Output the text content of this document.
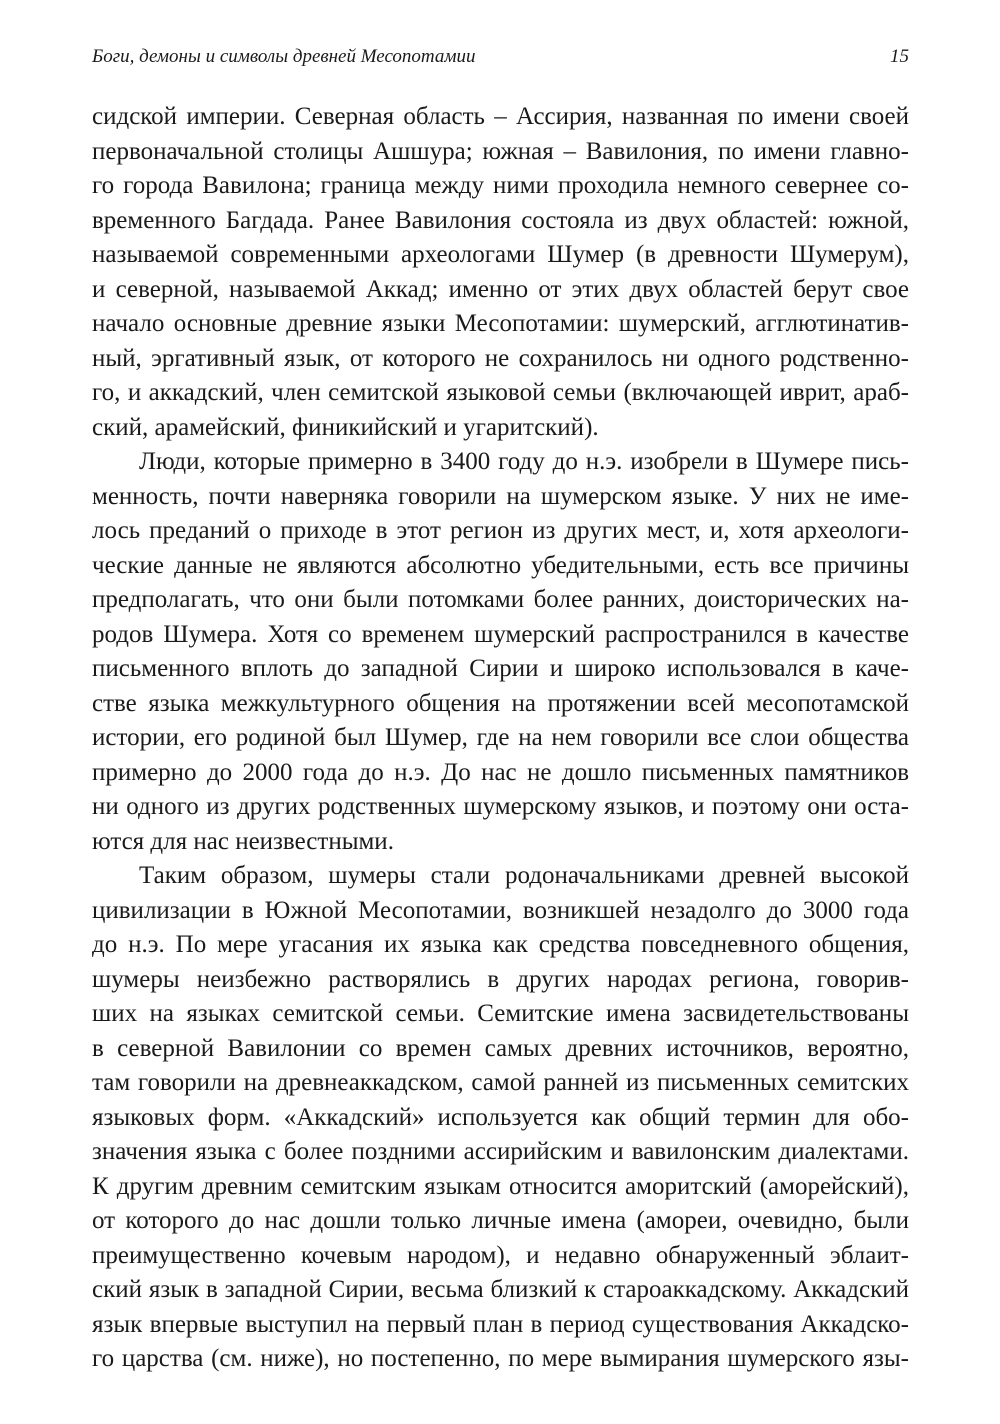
Боги, демоны и символы древней Месопотамии	15
сидской империи. Северная область – Ассирия, названная по имени своей
первоначальной столицы Ашшура; южная – Вавилония, по имени главно-
го города Вавилона; граница между ними проходила немного севернее со-
временного Багдада. Ранее Вавилония состояла из двух областей: южной,
называемой современными археологами Шумер (в древности Шумерум),
и северной, называемой Аккад; именно от этих двух областей берут свое
начало основные древние языки Месопотамии: шумерский, агглютинатив-
ный, эргативный язык, от которого не сохранилось ни одного родственно-
го, и аккадский, член семитской языковой семьи (включающей иврит, араб-
ский, арамейский, финикийский и угаритский).
Люди, которые примерно в 3400 году до н.э. изобрели в Шумере пись-
менность, почти наверняка говорили на шумерском языке. У них не име-
лось преданий о приходе в этот регион из других мест, и, хотя археологи-
ческие данные не являются абсолютно убедительными, есть все причины
предполагать, что они были потомками более ранних, доисторических на-
родов Шумера. Хотя со временем шумерский распространился в качестве
письменного вплоть до западной Сирии и широко использовался в каче-
стве языка межкультурного общения на протяжении всей месопотамской
истории, его родиной был Шумер, где на нем говорили все слои общества
примерно до 2000 года до н.э. До нас не дошло письменных памятников
ни одного из других родственных шумерскому языков, и поэтому они оста-
ются для нас неизвестными.
Таким образом, шумеры стали родоначальниками древней высокой
цивилизации в Южной Месопотамии, возникшей незадолго до 3000 года
до н.э. По мере угасания их языка как средства повседневного общения,
шумеры неизбежно растворялись в других народах региона, говорив-
ших на языках семитской семьи. Семитские имена засвидетельствованы
в северной Вавилонии со времен самых древних источников, вероятно,
там говорили на древнеаккадском, самой ранней из письменных семитских
языковых форм. «Аккадский» используется как общий термин для обо-
значения языка с более поздними ассирийским и вавилонским диалектами.
К другим древним семитским языкам относится аморитский (аморейский),
от которого до нас дошли только личные имена (амореи, очевидно, были
преимущественно кочевым народом), и недавно обнаруженный эблаит-
ский язык в западной Сирии, весьма близкий к староаккадскому. Аккадский
язык впервые выступил на первый план в период существования Аккадско-
го царства (см. ниже), но постепенно, по мере вымирания шумерского язы-
